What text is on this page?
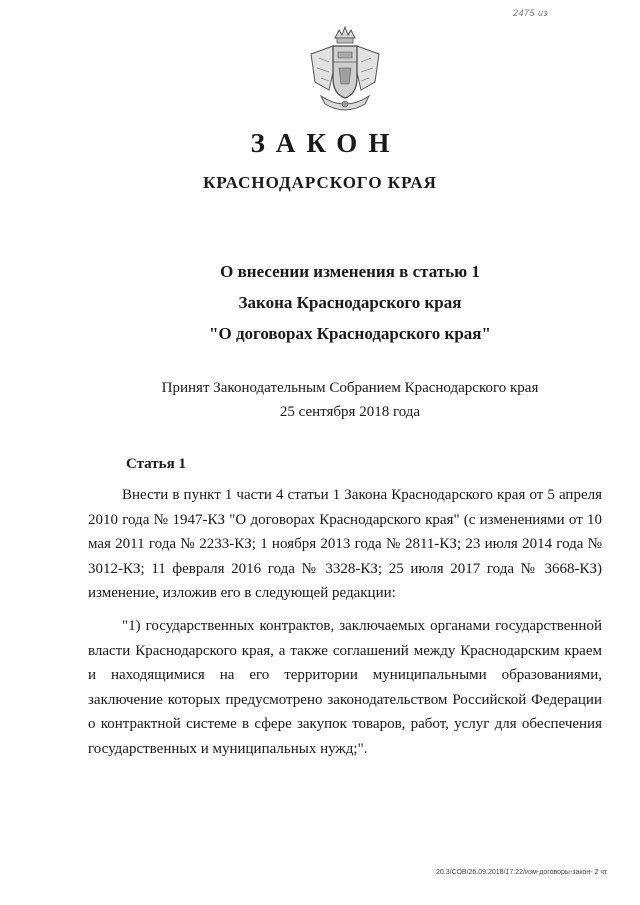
2475 из
ЗАКОН
КРАСНОДАРСКОГО КРАЯ
О внесении изменения в статью 1
Закона Краснодарского края
"О договорах Краснодарского края"
Принят Законодательным Собранием Краснодарского края
25 сентября 2018 года
Статья 1

Внести в пункт 1 части 4 статьи 1 Закона Краснодарского края от 5 апреля 2010 года № 1947-КЗ "О договорах Краснодарского края" (с изменениями от 10 мая 2011 года № 2233-КЗ; 1 ноября 2013 года № 2811-КЗ; 23 июля 2014 года № 3012-КЗ; 11 февраля 2016 года № 3328-КЗ; 25 июля 2017 года № 3668-КЗ) изменение, изложив его в следующей редакции:

"1) государственных контрактов, заключаемых органами государственной власти Краснодарского края, а также соглашений между Краснодарским краем и находящимися на его территории муниципальными образованиями, заключение которых предусмотрено законодательством Российской Федерации о контрактной системе в сфере закупок товаров, работ, услуг для обеспечения государственных и муниципальных нужд;".

20.3/СОВ/26.09.2018/17:22/изм-договоры-закон- 2 чт
